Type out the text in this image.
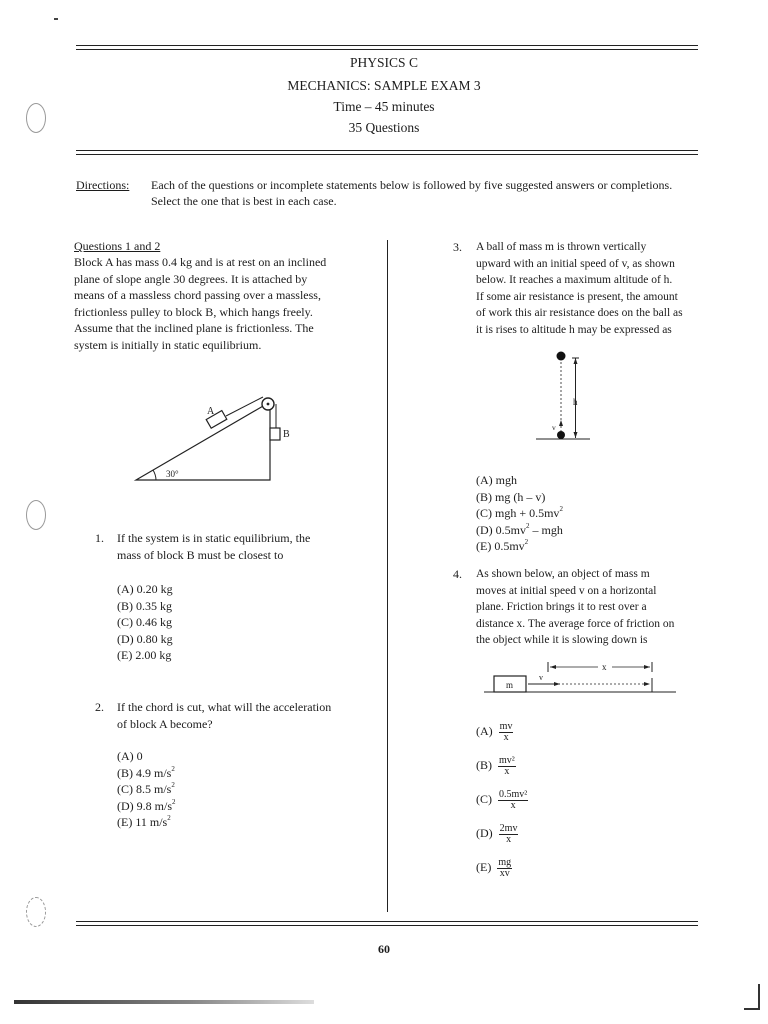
PHYSICS C
MECHANICS: SAMPLE EXAM 3
Time – 45 minutes
35 Questions
Directions: Each of the questions or incomplete statements below is followed by five suggested answers or completions.
Select the one that is best in each case.
Questions 1 and 2
Block A has mass 0.4 kg and is at rest on an inclined
plane of slope angle 30 degrees. It is attached by
means of a massless chord passing over a massless,
frictionless pulley to block B, which hangs freely.
Assume that the inclined plane is frictionless. The
system is initially in static equilibrium.
A
B
30°
1. If the system is in static equilibrium, the
mass of block B must be closest to
(A) 0.20 kg
(B) 0.35 kg
(C) 0.46 kg
(D) 0.80 kg
(E) 2.00 kg
2. If the chord is cut, what will the acceleration
of block A become?
(A) 0
(B) 4.9 $m/s^2$
(C) 8.5 $m/s^2$
(D) 9.8 $m/s^2$
(E) 11 $m/s^2$
3. A ball of mass m is thrown vertically
upward with an initial speed of v, as shown
below. It reaches a maximum altitude of h.
If some air resistance is present, the amount
of work this air resistance does on the ball as
it is rises to altitude h may be expressed as
h
v
(A) mgh
(B) mg (h – v)
(C) mgh + $0.5mv^2$
(D) $0.5mv^2$ – mgh
(E) $0.5mv^2$
4. As shown below, an object of mass m
moves at initial speed v on a horizontal
plane. Friction brings it to rest over a
distance x. The average force of friction on
the object while it is slowing down is
x
m
v
$(A) \frac{mv}{x}$
$(B) \frac{\text{mv²}}{x}$
$(C) \frac{\text{0.5mv²}}{x}$
$(D) \frac{2mv}{x}$
$(E) \frac{mg}{xv}$
60
